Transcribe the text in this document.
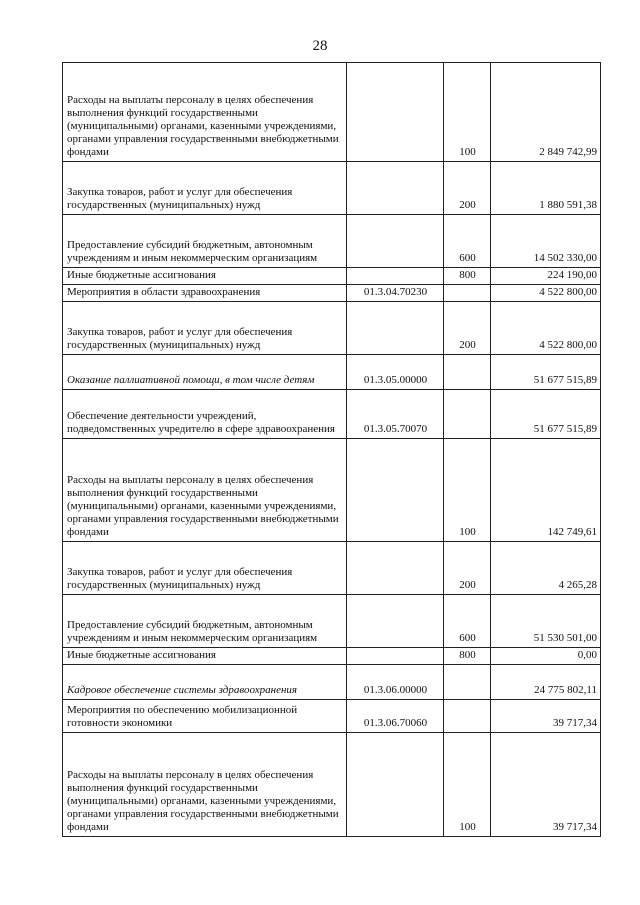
28
Расходы на выплаты персоналу в целях обеспечения выполнения функций государственными (муниципальными) органами, казенными учреждениями, органами управления государственными внебюджетными фондами		100	2 849 742,99
Закупка товаров, работ и услуг для обеспечения государственных (муниципальных) нужд		200	1 880 591,38
Предоставление субсидий бюджетным, автономным учреждениям и иным некоммерческим организациям		600	14 502 330,00
Иные бюджетные ассигнования		800	224 190,00
Мероприятия в области здравоохранения	01.3.04.70230		4 522 800,00
Закупка товаров, работ и услуг для обеспечения государственных (муниципальных) нужд		200	4 522 800,00
Оказание паллиативной помощи, в том числе детям	01.3.05.00000		51 677 515,89
Обеспечение деятельности учреждений, подведомственных учредителю в сфере здравоохранения	01.3.05.70070		51 677 515,89
Расходы на выплаты персоналу в целях обеспечения выполнения функций государственными (муниципальными) органами, казенными учреждениями, органами управления государственными внебюджетными фондами		100	142 749,61
Закупка товаров, работ и услуг для обеспечения государственных (муниципальных) нужд		200	4 265,28
Предоставление субсидий бюджетным, автономным учреждениям и иным некоммерческим организациям		600	51 530 501,00
Иные бюджетные ассигнования		800	0,00
Кадровое обеспечение системы здравоохранения	01.3.06.00000		24 775 802,11
Мероприятия по обеспечению мобилизационной готовности экономики	01.3.06.70060		39 717,34
Расходы на выплаты персоналу в целях обеспечения выполнения функций государственными (муниципальными) органами, казенными учреждениями, органами управления государственными внебюджетными фондами		100	39 717,34
